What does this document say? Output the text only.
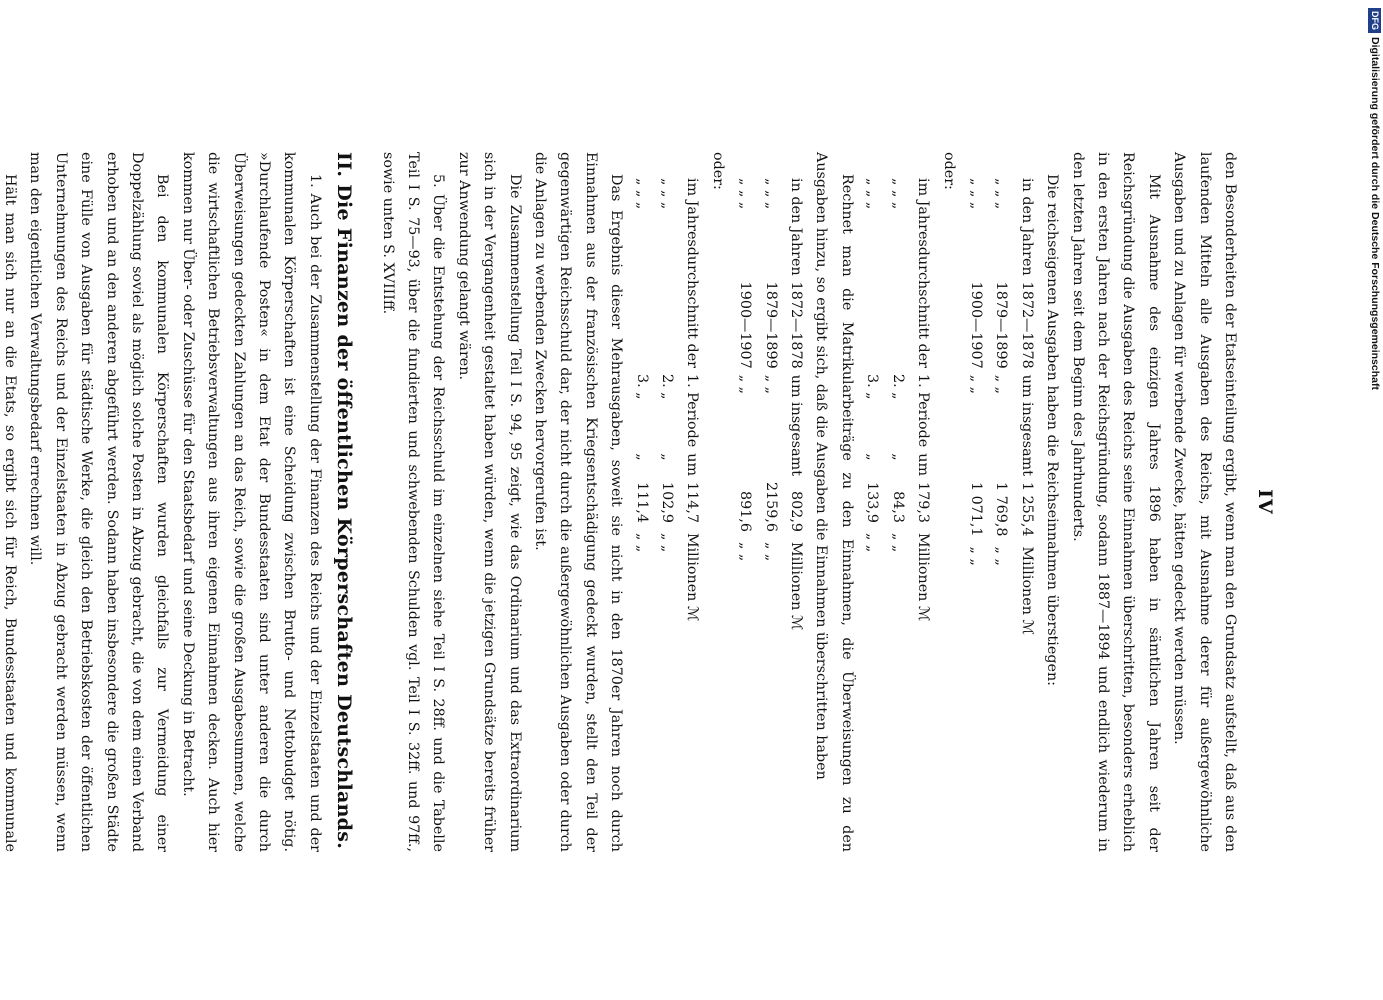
IV

den Besonderheiten der Etatseinteilung ergibt, wenn man den Grundsatz aufstellt, daß aus den laufenden Mitteln alle Ausgaben des Reichs, mit Ausnahme derer für außergewöhnliche Ausgaben und zu Anlagen für werbende Zwecke, hätten gedeckt werden müssen.

Mit Ausnahme des einzigen Jahres 1896 haben in sämtlichen Jahren seit der Reichsgründung die Ausgaben des Reichs seine Einnahmen überschritten, besonders erheblich in den ersten Jahren nach der Reichsgründung, sodann 1887—1894 und endlich wiederum in den letzten Jahren seit dem Beginn des Jahrhunderts.

Die reichseigenen Ausgaben haben die Reichseinnahmen überstiegen:

in den Jahren	1872—1878	um insgesamt	1 255,4	Millionen ℳ
„ „ „	1879—1899	„ „	1 769,8	„ „
„ „ „	1900—1907	„ „	1 071,1	„ „
oder:
im Jahresdurchschnitt der	1. Periode	um	179,3	Millionen ℳ
„ „ „	2. „	„	84,3	„ „
„ „ „	3. „	„	133,9	„ „

Rechnet man die Matrikularbeiträge zu den Einnahmen, die Überweisungen zu den Ausgaben hinzu, so ergibt sich, daß die Ausgaben die Einnahmen überschritten haben

in den Jahren	1872—1878	um insgesamt	802,9	Millionen ℳ
„ „ „	1879—1899	„ „	2159,6	„ „
„ „ „	1900—1907	„ „	891,6	„ „
oder:
im Jahresdurchschnitt der	1. Periode	um	114,7	Millionen ℳ
„ „ „	2. „	„	102,9	„ „
„ „ „	3. „	„	111,4	„ „

Das Ergebnis dieser Mehrausgaben, soweit sie nicht in den 1870er Jahren noch durch Einnahmen aus der französischen Kriegsentschädigung gedeckt wurden, stellt den Teil der gegenwärtigen Reichsschuld dar, der nicht durch die außergewöhnlichen Ausgaben oder durch die Anlagen zu werbenden Zwecken hervorgerufen ist.

Die Zusammenstellung Teil I S. 94, 95 zeigt, wie das Ordinarium und das Extraordinarium sich in der Vergangenheit gestaltet haben würden, wenn die jetzigen Grundsätze bereits früher zur Anwendung gelangt wären.

5. Über die Entstehung der Reichsschuld im einzelnen siehe Teil I S. 28ff. und die Tabelle Teil I S. 75—93, über die fundierten und schwebenden Schulden vgl. Teil I S. 32ff. und 97ff., sowie unten S. XVIIIff.

II. Die Finanzen der öffentlichen Körperschaften Deutschlands.

1. Auch bei der Zusammenstellung der Finanzen des Reichs und der Einzelstaaten und der kommunalen Körperschaften ist eine Scheidung zwischen Brutto- und Nettobudget nötig. »Durchlaufende Posten« in dem Etat der Bundesstaaten sind unter anderen die durch Überweisungen gedeckten Zahlungen an das Reich, sowie die großen Ausgabesummen, welche die wirtschaftlichen Betriebsverwaltungen aus ihren eigenen Einnahmen decken. Auch hier kommen nur Über- oder Zuschüsse für den Staatsbedarf und seine Deckung in Betracht.

Bei den kommunalen Körperschaften wurden gleichfalls zur Vermeidung einer Doppelzählung soviel als möglich solche Posten in Abzug gebracht, die von dem einen Verband erhoben und an den anderen abgeführt werden. Sodann haben insbesondere die großen Städte eine Fülle von Ausgaben für städtische Werke, die gleich den Betriebskosten der öffentlichen Unternehmungen des Reichs und der Einzelstaaten in Abzug gebracht werden müssen, wenn man den eigentlichen Verwaltungsbedarf errechnen will.

Hält man sich nur an die Etats, so ergibt sich für Reich, Bundesstaaten und kommunale

DFGDigitalisierung gefördert durch die Deutsche Forschungsgemeinschaft
